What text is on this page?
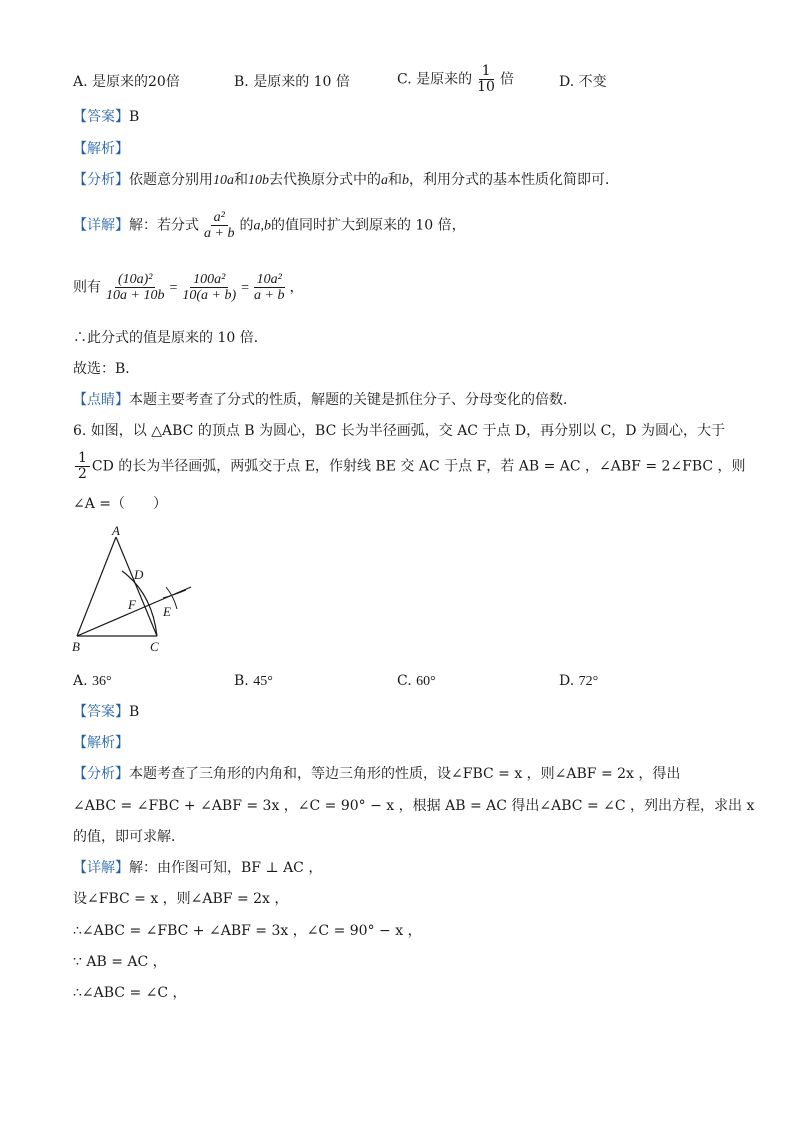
A. 是原来的20倍	B. 是原来的 10 倍	C. 是原来的 $\frac{1}{10}$ 倍	D. 不变
【答案】B
【解析】
【分析】依题意分别用10a和10b去代换原分式中的a和b，利用分式的基本性质化简即可．
【详解】解：若分式 $\frac{\text{a²}}{a + b}$ 的a,b的值同时扩大到原来的 10 倍，
则有 $\frac{\text{(10a)²}}{10a + 10b} = \frac{\text{100a²}}{10(a + b)} = \frac{\text{10a²}}{a + b}$ ，
∴此分式的值是原来的 10 倍．
故选：B．
【点睛】本题主要考查了分式的性质，解题的关键是抓住分子、分母变化的倍数．
6. 如图，以 △ABC 的顶点 B 为圆心，BC 长为半径画弧，交 AC 于点 D，再分别以 C，D 为圆心，大于
$\frac{1}{2}$ CD 的长为半径画弧，两弧交于点 E，作射线 BE 交 AC 于点 F，若 AB = AC ，∠ABF = 2∠FBC ，则
∠A =（　　）
A
B	C
D
E
F
A. 36°	B. 45°	C. 60°	D. 72°
【答案】B
【解析】
【分析】本题考查了三角形的内角和，等边三角形的性质，设∠FBC = x ，则∠ABF = 2x ，得出
∠ABC = ∠FBC + ∠ABF = 3x ，∠C = 90° − x ，根据 AB = AC 得出∠ABC = ∠C ，列出方程，求出 x
的值，即可求解．
【详解】解：由作图可知，BF ⊥ AC ，
设∠FBC = x ，则∠ABF = 2x ，
∴∠ABC = ∠FBC + ∠ABF = 3x ，∠C = 90° − x ，
∵ AB = AC ，
∴∠ABC = ∠C ，
